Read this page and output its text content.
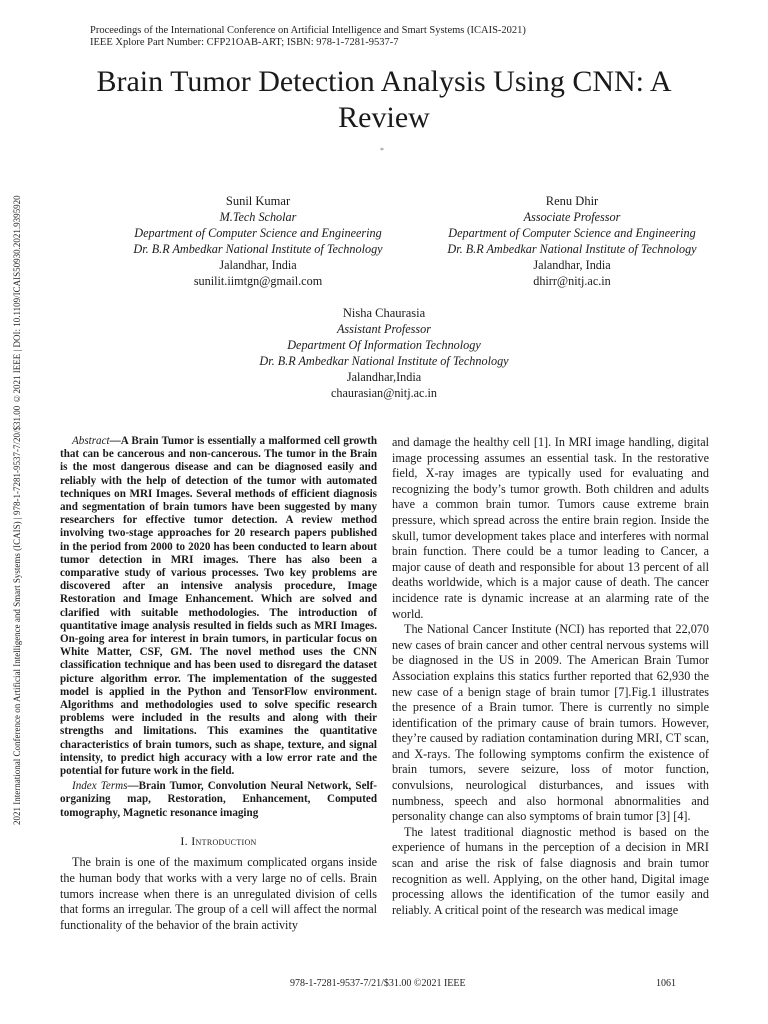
2021 International Conference on Artificial Intelligence and Smart Systems (ICAIS) | 978-1-7281-9537-7/20/$31.00 ©2021 IEEE | DOI: 10.1109/ICAIS50930.2021.9395920
Proceedings of the International Conference on Artificial Intelligence and Smart Systems (ICAIS-2021)
IEEE Xplore Part Number: CFP21OAB-ART; ISBN: 978-1-7281-9537-7
Brain Tumor Detection Analysis Using CNN: A Review
*
Sunil Kumar
M.Tech Scholar
Department of Computer Science and Engineering
Dr. B.R Ambedkar National Institute of Technology
Jalandhar, India
sunilit.iimtgn@gmail.com
Renu Dhir
Associate Professor
Department of Computer Science and Engineering
Dr. B.R Ambedkar National Institute of Technology
Jalandhar, India
dhirr@nitj.ac.in
Nisha Chaurasia
Assistant Professor
Department Of Information Technology
Dr. B.R Ambedkar National Institute of Technology
Jalandhar,India
chaurasian@nitj.ac.in

Abstract—A Brain Tumor is essentially a malformed cell growth that can be cancerous and non-cancerous. The tumor in the Brain is the most dangerous disease and can be diagnosed easily and reliably with the help of detection of the tumor with automated techniques on MRI Images. Several methods of efficient diagnosis and segmentation of brain tumors have been suggested by many researchers for effective tumor detection. A review method involving two-stage approaches for 20 research papers published in the period from 2000 to 2020 has been conducted to learn about tumor detection in MRI images. There has also been a comparative study of various processes. Two key problems are discovered after an intensive analysis procedure, Image Restoration and Image Enhancement. Which are solved and clarified with suitable methodologies. The introduction of quantitative image analysis resulted in fields such as MRI Images. On-going area for interest in brain tumors, in particular focus on White Matter, CSF, GM. The novel method uses the CNN classification technique and has been used to disregard the dataset picture algorithm error. The implementation of the suggested model is applied in the Python and TensorFlow environment. Algorithms and methodologies used to solve specific research problems were included in the results and along with their strengths and limitations. This examines the quantitative characteristics of brain tumors, such as shape, texture, and signal intensity, to predict high accuracy with a low error rate and the potential for future work in the field.

Index Terms—Brain Tumor, Convolution Neural Network, Self-organizing map, Restoration, Enhancement, Computed tomography, Magnetic resonance imaging

I. Introduction

The brain is one of the maximum complicated organs inside the human body that works with a very large no of cells. Brain tumors increase when there is an unregulated division of cells that forms an irregular. The group of a cell will affect the normal functionality of the behavior of the brain activity

and damage the healthy cell [1]. In MRI image handling, digital image processing assumes an essential task. In the restorative field, X-ray images are typically used for evaluating and recognizing the body’s tumor growth. Both children and adults have a common brain tumor. Tumors cause extreme brain pressure, which spread across the entire brain region. Inside the skull, tumor development takes place and interferes with normal brain function. There could be a tumor leading to Cancer, a major cause of death and responsible for about 13 percent of all deaths worldwide, which is a major cause of death. The cancer incidence rate is dynamic increase at an alarming rate of the world.

The National Cancer Institute (NCI) has reported that 22,070 new cases of brain cancer and other central nervous systems will be diagnosed in the US in 2009. The American Brain Tumor Association explains this statics further reported that 62,930 the new case of a benign stage of brain tumor [7].Fig.1 illustrates the presence of a Brain tumor. There is currently no simple identification of the primary cause of brain tumors. However, they’re caused by radiation contamination during MRI, CT scan, and X-rays. The following symptoms confirm the existence of brain tumors, severe seizure, loss of motor function, convulsions, neurological disturbances, and issues with numbness, speech and also hormonal abnormalities and personality change can also symptoms of brain tumor [3] [4].

The latest traditional diagnostic method is based on the experience of humans in the perception of a decision in MRI scan and arise the risk of false diagnosis and brain tumor recognition as well. Applying, on the other hand, Digital image processing allows the identification of the tumor easily and reliably. A critical point of the research was medical image

978-1-7281-9537-7/21/$31.00 ©2021 IEEE	1061
